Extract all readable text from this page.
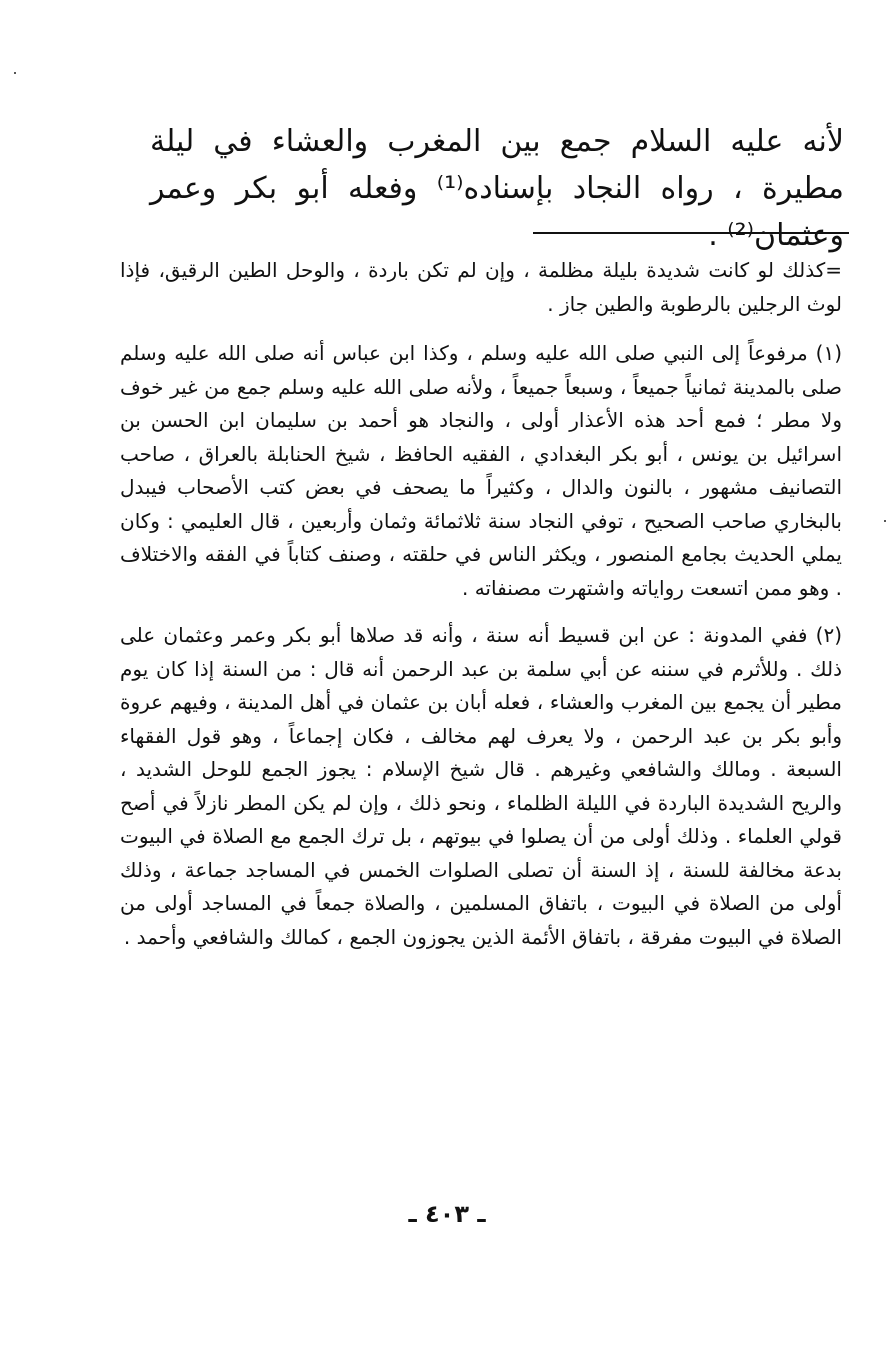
لأنه عليه السلام جمع بين المغرب والعشاء في ليلة مطيرة ، رواه النجاد بإسناده⁽¹⁾ وفعله أبو بكر وعمر وعثمان⁽²⁾ .

=كذلك لو كانت شديدة بليلة مظلمة ، وإن لم تكن باردة ، والوحل الطين الرقيق، فإذا لوث الرجلين بالرطوبة والطين جاز .

(١) مرفوعاً إلى النبي صلى الله عليه وسلم ، وكذا ابن عباس أنه صلى الله عليه وسلم صلى بالمدينة ثمانياً جميعاً ، وسبعاً جميعاً ، ولأنه صلى الله عليه وسلم جمع من غير خوف ولا مطر ؛ فمع أحد هذه الأعذار أولى ، والنجاد هو أحمد بن سليمان ابن الحسن بن اسرائيل بن يونس ، أبو بكر البغدادي ، الفقيه الحافظ ، شيخ الحنابلة بالعراق ، صاحب التصانيف مشهور ، بالنون والدال ، وكثيراً ما يصحف في بعض كتب الأصحاب فيبدل بالبخاري صاحب الصحيح ، توفي النجاد سنة ثلاثمائة وثمان وأربعين ، قال العليمي : وكان يملي الحديث بجامع المنصور ، ويكثر الناس في حلقته ، وصنف كتاباً في الفقه والاختلاف . وهو ممن اتسعت رواياته واشتهرت مصنفاته .

(٢) ففي المدونة : عن ابن قسيط أنه سنة ، وأنه قد صلاها أبو بكر وعمر وعثمان على ذلك . وللأثرم في سننه عن أبي سلمة بن عبد الرحمن أنه قال : من السنة إذا كان يوم مطير أن يجمع بين المغرب والعشاء ، فعله أبان بن عثمان في أهل المدينة ، وفيهم عروة وأبو بكر بن عبد الرحمن ، ولا يعرف لهم مخالف ، فكان إجماعاً ، وهو قول الفقهاء السبعة . ومالك والشافعي وغيرهم . قال شيخ الإسلام : يجوز الجمع للوحل الشديد ، والريح الشديدة الباردة في الليلة الظلماء ، ونحو ذلك ، وإن لم يكن المطر نازلاً في أصح قولي العلماء . وذلك أولى من أن يصلوا في بيوتهم ، بل ترك الجمع مع الصلاة في البيوت بدعة مخالفة للسنة ، إذ السنة أن تصلى الصلوات الخمس في المساجد جماعة ، وذلك أولى من الصلاة في البيوت ، باتفاق المسلمين ، والصلاة جمعاً في المساجد أولى من الصلاة في البيوت مفرقة ، باتفاق الأئمة الذين يجوزون الجمع ، كمالك والشافعي وأحمد .

ـ ٤٠٣ ـ
